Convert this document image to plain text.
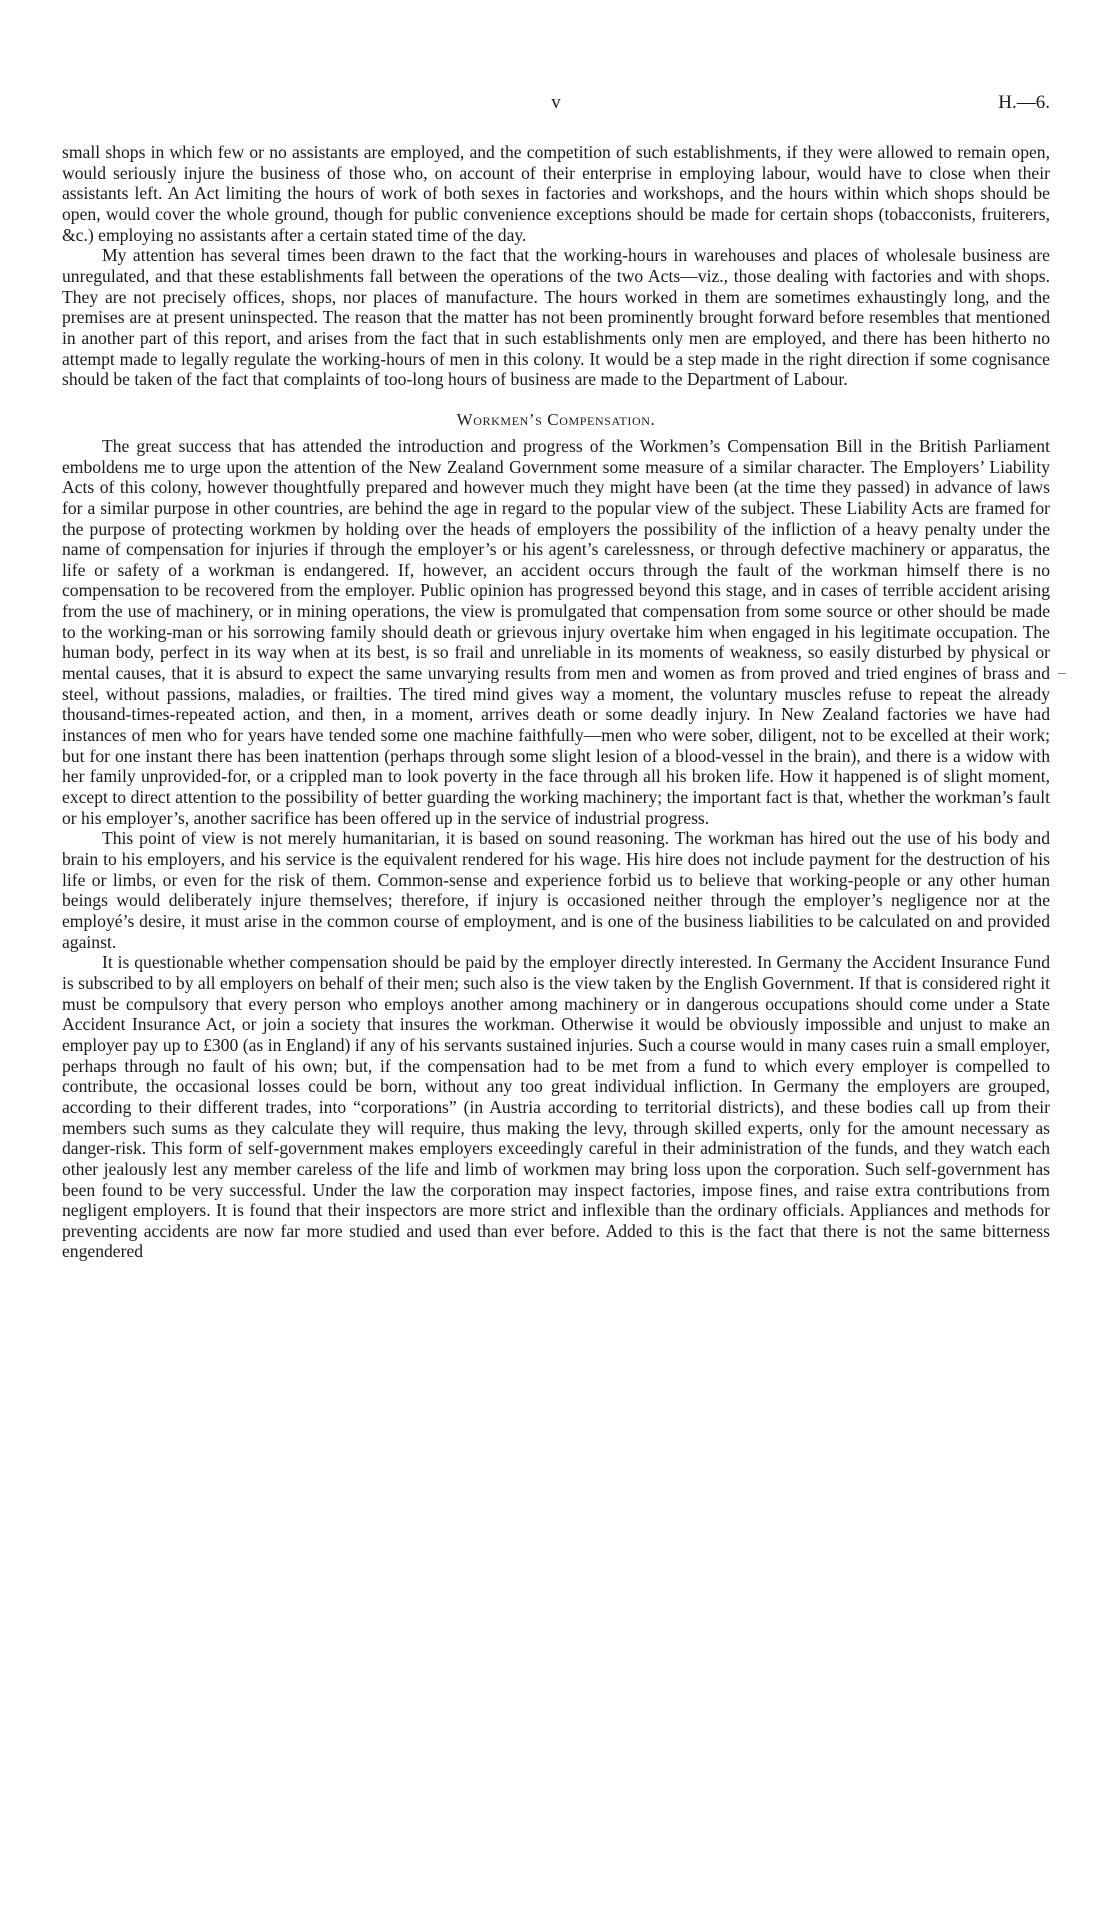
v	H.—6.

small shops in which few or no assistants are employed, and the competition of such establishments, if they were allowed to remain open, would seriously injure the business of those who, on account of their enterprise in employing labour, would have to close when their assistants left. An Act limiting the hours of work of both sexes in factories and workshops, and the hours within which shops should be open, would cover the whole ground, though for public convenience exceptions should be made for certain shops (tobacconists, fruiterers, &c.) employing no assistants after a certain stated time of the day.

My attention has several times been drawn to the fact that the working-hours in warehouses and places of wholesale business are unregulated, and that these establishments fall between the operations of the two Acts—viz., those dealing with factories and with shops. They are not precisely offices, shops, nor places of manufacture. The hours worked in them are sometimes exhaustingly long, and the premises are at present uninspected. The reason that the matter has not been prominently brought forward before resembles that mentioned in another part of this report, and arises from the fact that in such establishments only men are employed, and there has been hitherto no attempt made to legally regulate the working-hours of men in this colony. It would be a step made in the right direction if some cognisance should be taken of the fact that complaints of too-long hours of business are made to the Department of Labour.

Workmen’s Compensation.

The great success that has attended the introduction and progress of the Workmen’s Compensation Bill in the British Parliament emboldens me to urge upon the attention of the New Zealand Government some measure of a similar character. The Employers’ Liability Acts of this colony, however thoughtfully prepared and however much they might have been (at the time they passed) in advance of laws for a similar purpose in other countries, are behind the age in regard to the popular view of the subject. These Liability Acts are framed for the purpose of protecting workmen by holding over the heads of employers the possibility of the infliction of a heavy penalty under the name of compensation for injuries if through the employer’s or his agent’s carelessness, or through defective machinery or apparatus, the life or safety of a workman is endangered. If, however, an accident occurs through the fault of the workman himself there is no compensation to be recovered from the employer. Public opinion has progressed beyond this stage, and in cases of terrible accident arising from the use of machinery, or in mining operations, the view is promulgated that compensation from some source or other should be made to the working-man or his sorrowing family should death or grievous injury overtake him when engaged in his legitimate occupation. The human body, perfect in its way when at its best, is so frail and unreliable in its moments of weakness, so easily disturbed by physical or mental causes, that it is absurd to expect the same unvarying results from men and women as from proved and tried engines of brass and steel, without passions, maladies, or frailties. The tired mind gives way a moment, the voluntary muscles refuse to repeat the already thousand-times-repeated action, and then, in a moment, arrives death or some deadly injury. In New Zealand factories we have had instances of men who for years have tended some one machine faithfully—men who were sober, diligent, not to be excelled at their work; but for one instant there has been inattention (perhaps through some slight lesion of a blood-vessel in the brain), and there is a widow with her family unprovided-for, or a crippled man to look poverty in the face through all his broken life. How it happened is of slight moment, except to direct attention to the possibility of better guarding the working machinery; the important fact is that, whether the workman’s fault or his employer’s, another sacrifice has been offered up in the service of industrial progress.

This point of view is not merely humanitarian, it is based on sound reasoning. The workman has hired out the use of his body and brain to his employers, and his service is the equivalent rendered for his wage. His hire does not include payment for the destruction of his life or limbs, or even for the risk of them. Common-sense and experience forbid us to believe that working-people or any other human beings would deliberately injure themselves; therefore, if injury is occasioned neither through the employer’s negligence nor at the employé’s desire, it must arise in the common course of employment, and is one of the business liabilities to be calculated on and provided against.

It is questionable whether compensation should be paid by the employer directly interested. In Germany the Accident Insurance Fund is subscribed to by all employers on behalf of their men; such also is the view taken by the English Government. If that is considered right it must be compulsory that every person who employs another among machinery or in dangerous occupations should come under a State Accident Insurance Act, or join a society that insures the workman. Otherwise it would be obviously impossible and unjust to make an employer pay up to £300 (as in England) if any of his servants sustained injuries. Such a course would in many cases ruin a small employer, perhaps through no fault of his own; but, if the compensation had to be met from a fund to which every employer is compelled to contribute, the occasional losses could be born, without any too great individual infliction. In Germany the employers are grouped, according to their different trades, into “corporations” (in Austria according to territorial districts), and these bodies call up from their members such sums as they calculate they will require, thus making the levy, through skilled experts, only for the amount necessary as danger-risk. This form of self-government makes employers exceedingly careful in their administration of the funds, and they watch each other jealously lest any member careless of the life and limb of workmen may bring loss upon the corporation. Such self-government has been found to be very successful. Under the law the corporation may inspect factories, impose fines, and raise extra contributions from negligent employers. It is found that their inspectors are more strict and inflexible than the ordinary officials. Appliances and methods for preventing accidents are now far more studied and used than ever before. Added to this is the fact that there is not the same bitterness engendered
